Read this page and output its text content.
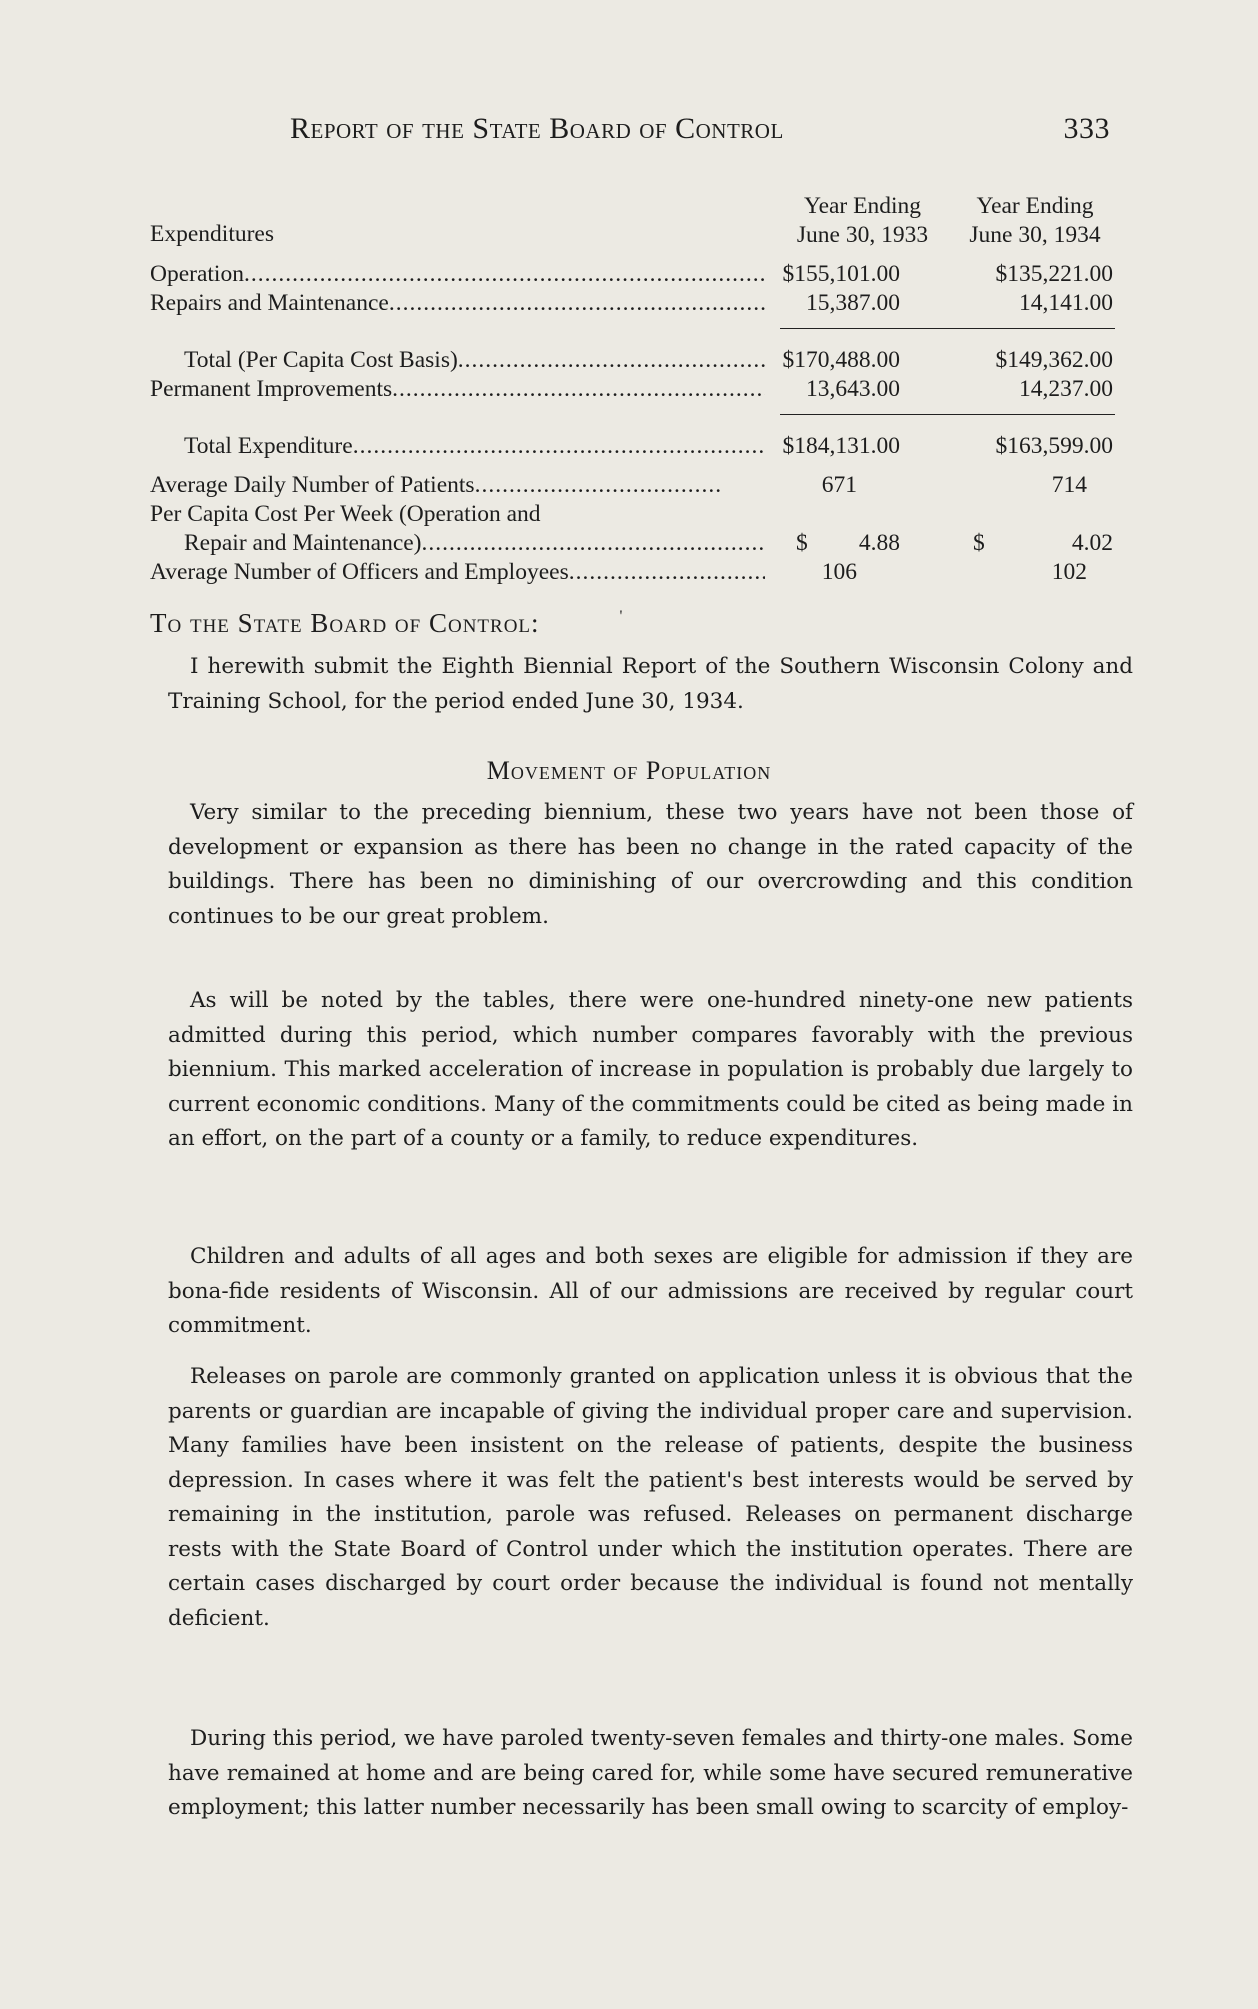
Report of the State Board of Control	333
Expenditures
Year Ending
June 30, 1933
Year Ending
June 30, 1934
Operation .....	$155,101.00	$135,221.00
Repairs and Maintenance .....	15,387.00	14,141.00
Total (Per Capita Cost Basis) .....	$170,488.00	$149,362.00
Permanent Improvements .....	13,643.00	14,237.00
Total Expenditure .....	$184,131.00	$163,599.00
Average Daily Number of Patients .....	671	714
Per Capita Cost Per Week (Operation and
Repair and Maintenance) .....	$ 4.88	$	4.02
Average Number of Officers and Employees .....	106	102
To the State Board of Control:	'

I herewith submit the Eighth Biennial Report of the Southern Wisconsin Colony and Training School, for the period ended June 30, 1934.

Movement of Population

Very similar to the preceding biennium, these two years have not been those of development or expansion as there has been no change in the rated capacity of the buildings. There has been no diminishing of our overcrowding and this condition continues to be our great problem.

As will be noted by the tables, there were one-hundred ninety-one new patients admitted during this period, which number compares favorably with the previous biennium. This marked acceleration of increase in population is probably due largely to current economic conditions. Many of the commitments could be cited as being made in an effort, on the part of a county or a family, to reduce expenditures.

Children and adults of all ages and both sexes are eligible for admission if they are bona-fide residents of Wisconsin. All of our admissions are received by regular court commitment.

Releases on parole are commonly granted on application unless it is obvious that the parents or guardian are incapable of giving the individual proper care and supervision. Many families have been insistent on the release of patients, despite the business depression. In cases where it was felt the patient's best interests would be served by remaining in the institution, parole was refused. Releases on permanent discharge rests with the State Board of Control under which the institution operates. There are certain cases discharged by court order because the individual is found not mentally deficient.

During this period, we have paroled twenty-seven females and thirty-one males. Some have remained at home and are being cared for, while some have secured remunerative employment; this latter number necessarily has been small owing to scarcity of employ-
